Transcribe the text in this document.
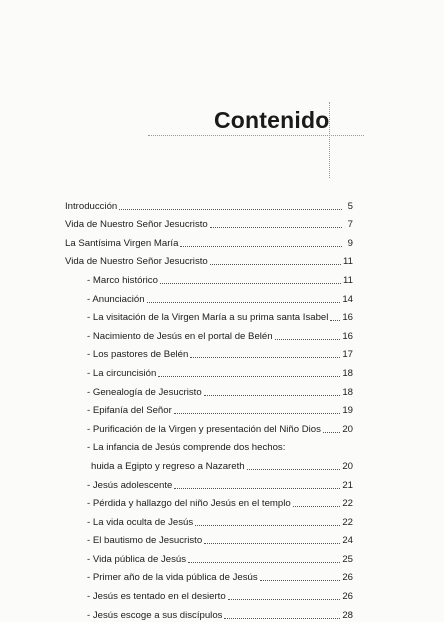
Contenido
Introducción	5
Vida de Nuestro Señor Jesucristo	7
La Santísima Virgen María	9
Vida de Nuestro Señor Jesucristo	11
- Marco histórico	11
- Anunciación	14
- La visitación de la Virgen María a su prima santa Isabel 16
- Nacimiento de Jesús en el portal de Belén	16
- Los pastores de Belén	17
- La circuncisión	18
- Genealogía de Jesucristo	18
- Epifanía del Señor	19
- Purificación de la Virgen y presentación del Niño Dios 20
- La infancia de Jesús comprende dos hechos:
huida a Egipto y regreso a Nazareth	20
- Jesús adolescente	21
- Pérdida y hallazgo del niño Jesús en el templo	22
- La vida oculta de Jesús	22
- El bautismo de Jesucristo	24
- Vida pública de Jesús	25
- Primer año de la vida pública de Jesús	26
- Jesús es tentado en el desierto	26
- Jesús escoge a sus discípulos	28
